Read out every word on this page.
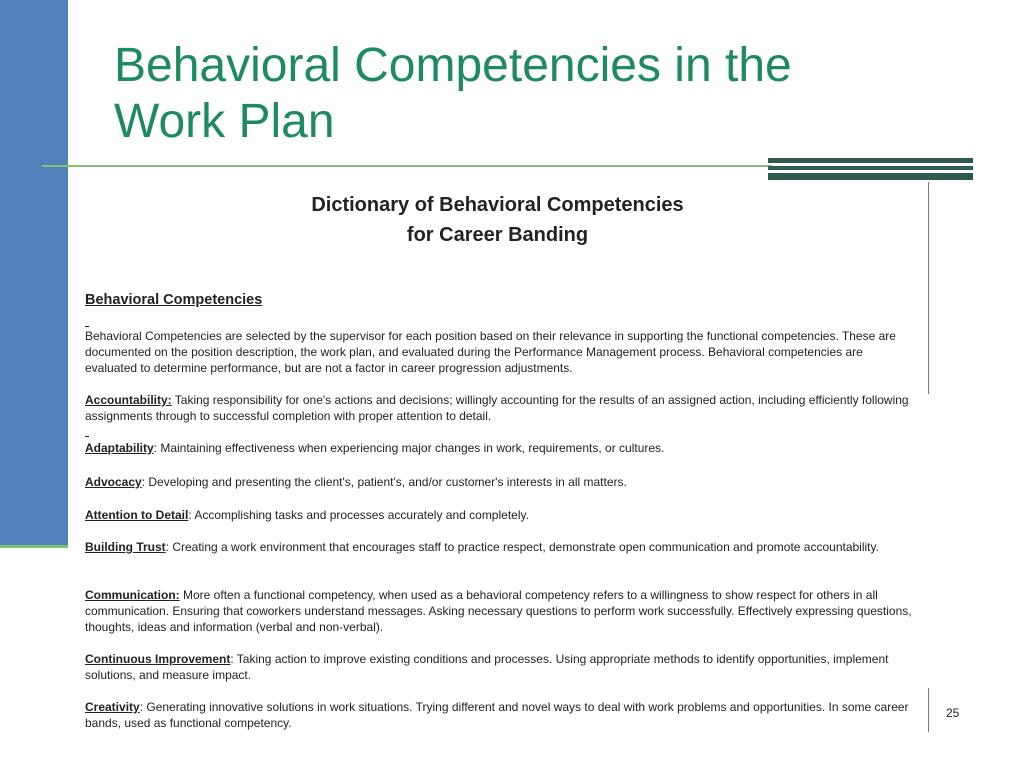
Behavioral Competencies in the
Work Plan
Dictionary of Behavioral Competencies
for Career Banding
Behavioral Competencies
Behavioral Competencies are selected by the supervisor for each position based on their relevance in supporting the functional competencies. These are documented on the position description, the work plan, and evaluated during the Performance Management process. Behavioral competencies are evaluated to determine performance, but are not a factor in career progression adjustments.
Accountability: Taking responsibility for one's actions and decisions; willingly accounting for the results of an assigned action, including efficiently following assignments through to successful completion with proper attention to detail.
Adaptability: Maintaining effectiveness when experiencing major changes in work, requirements, or cultures.
Advocacy: Developing and presenting the client's, patient's, and/or customer's interests in all matters.
Attention to Detail: Accomplishing tasks and processes accurately and completely.
Building Trust: Creating a work environment that encourages staff to practice respect, demonstrate open communication and promote accountability.
Communication: More often a functional competency, when used as a behavioral competency refers to a willingness to show respect for others in all communication. Ensuring that coworkers understand messages. Asking necessary questions to perform work successfully. Effectively expressing questions, thoughts, ideas and information (verbal and non-verbal).
Continuous Improvement: Taking action to improve existing conditions and processes. Using appropriate methods to identify opportunities, implement solutions, and measure impact.
Creativity: Generating innovative solutions in work situations. Trying different and novel ways to deal with work problems and opportunities. In some career bands, used as functional competency.
25
